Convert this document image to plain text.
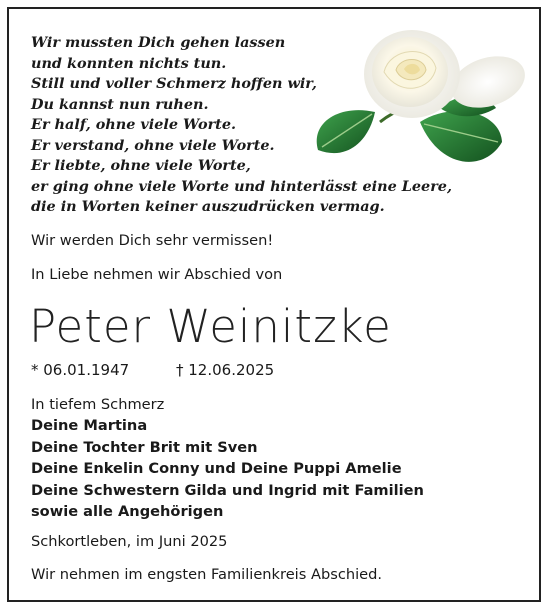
Wir mussten Dich gehen lassen
und konnten nichts tun.
Still und voller Schmerz hoffen wir,
Du kannst nun ruhen.
Er half, ohne viele Worte.
Er verstand, ohne viele Worte.
Er liebte, ohne viele Worte,
er ging ohne viele Worte und hinterlässt eine Leere,
die in Worten keiner auszudrücken vermag.
Wir werden Dich sehr vermissen!
In Liebe nehmen wir Abschied von
Peter Weinitzke
* 06.01.1947	† 12.06.2025
In tiefem Schmerz
Deine Martina
Deine Tochter Brit mit Sven
Deine Enkelin Conny und Deine Puppi Amelie
Deine Schwestern Gilda und Ingrid mit Familien
sowie alle Angehörigen
Schkortleben, im Juni 2025
Wir nehmen im engsten Familienkreis Abschied.
